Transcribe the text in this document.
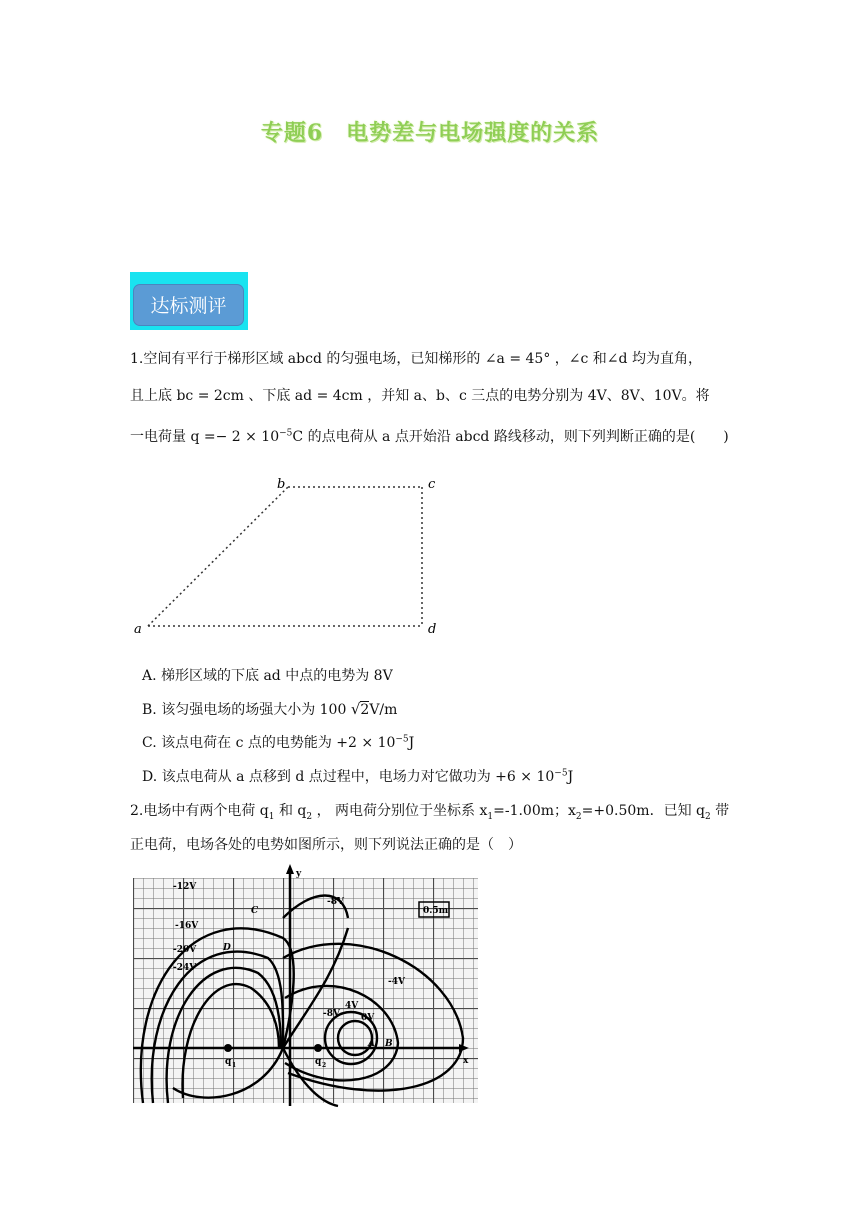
专题6　电势差与电场强度的关系
达标测评
1.空间有平行于梯形区域 abcd 的匀强电场，已知梯形的 ∠a = 45° ，∠c 和∠d 均为直角，
且上底 bc = 2cm 、下底 ad = 4cm ，并知 a、b、c 三点的电势分别为 4V、8V、10V。将
一电荷量 $q =- 2 \times 10^{-5}C$ 的点电荷从 a 点开始沿 abcd 路线移动，则下列判断正确的是(　　)
a
b	c
d
A. 梯形区域的下底 ad 中点的电势为 8V
B. 该匀强电场的场强大小为 100 √2V/m
C. 该点电荷在 c 点的电势能为 $+2 \times 10^{-5}J$
D. 该点电荷从 a 点移到 d 点过程中，电场力对它做功为 $+6 \times 10^{-5}J$
2.电场中有两个电荷 $q_1$ 和 $q_2$ ， 两电荷分别位于坐标系 $x_1=-1.00m$；$x_2=+0.50m$．已知 $q_2$ 带
正电荷，电场各处的电势如图所示，则下列说法正确的是（　）
-12V
-16V
-20V
-24V
-8V
-4V
-8V
4V
0V
0.5m
y
x
C
D
A B
q 1	q 2
